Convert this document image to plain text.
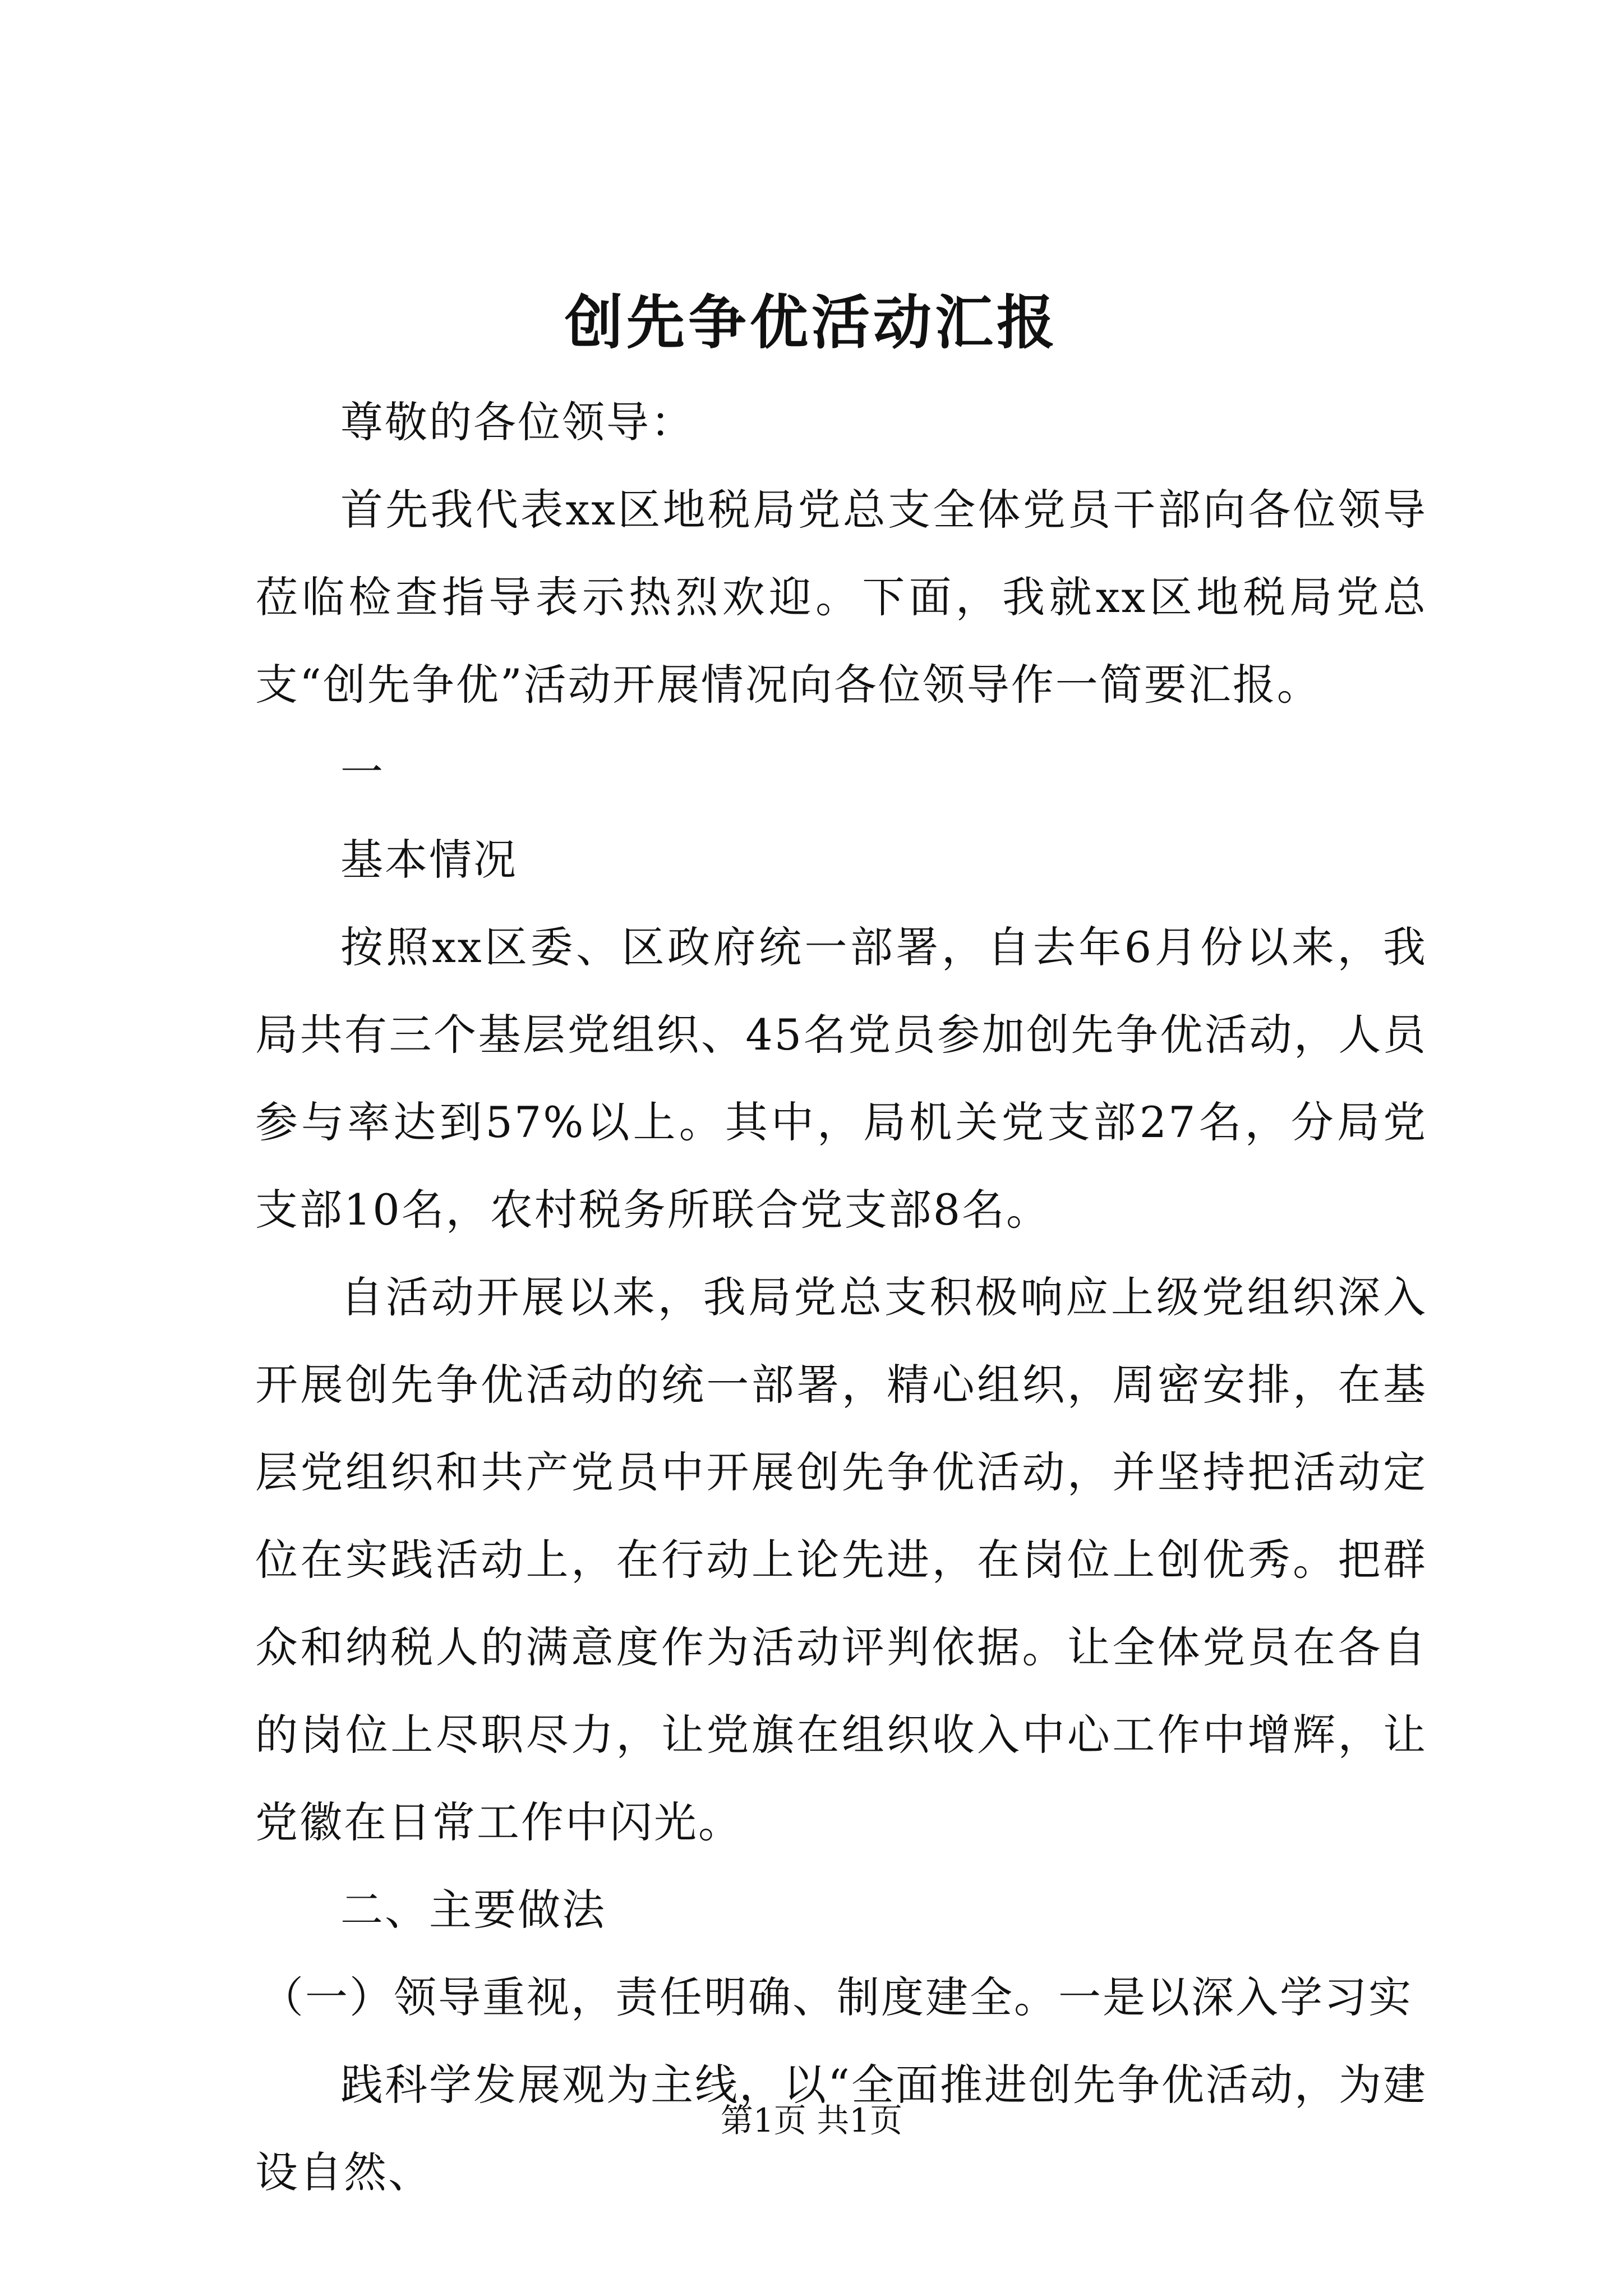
创先争优活动汇报

尊敬的各位领导：

首先我代表xx区地税局党总支全体党员干部向各位领导莅临检查指导表示热烈欢迎。下面，我就xx区地税局党总支“创先争优”活动开展情况向各位领导作一简要汇报。

一

基本情况

按照xx区委、区政府统一部署，自去年6月份以来，我局共有三个基层党组织、45名党员参加创先争优活动，人员参与率达到57%以上。其中，局机关党支部27名，分局党支部10名，农村税务所联合党支部8名。

自活动开展以来，我局党总支积极响应上级党组织深入开展创先争优活动的统一部署，精心组织，周密安排，在基层党组织和共产党员中开展创先争优活动，并坚持把活动定位在实践活动上，在行动上论先进，在岗位上创优秀。把群众和纳税人的满意度作为活动评判依据。让全体党员在各自的岗位上尽职尽力，让党旗在组织收入中心工作中增辉，让党徽在日常工作中闪光。

二、主要做法

（一）领导重视，责任明确、制度建全。一是以深入学习实

践科学发展观为主线，以“全面推进创先争优活动，为建设自然、

第1页 共1页
